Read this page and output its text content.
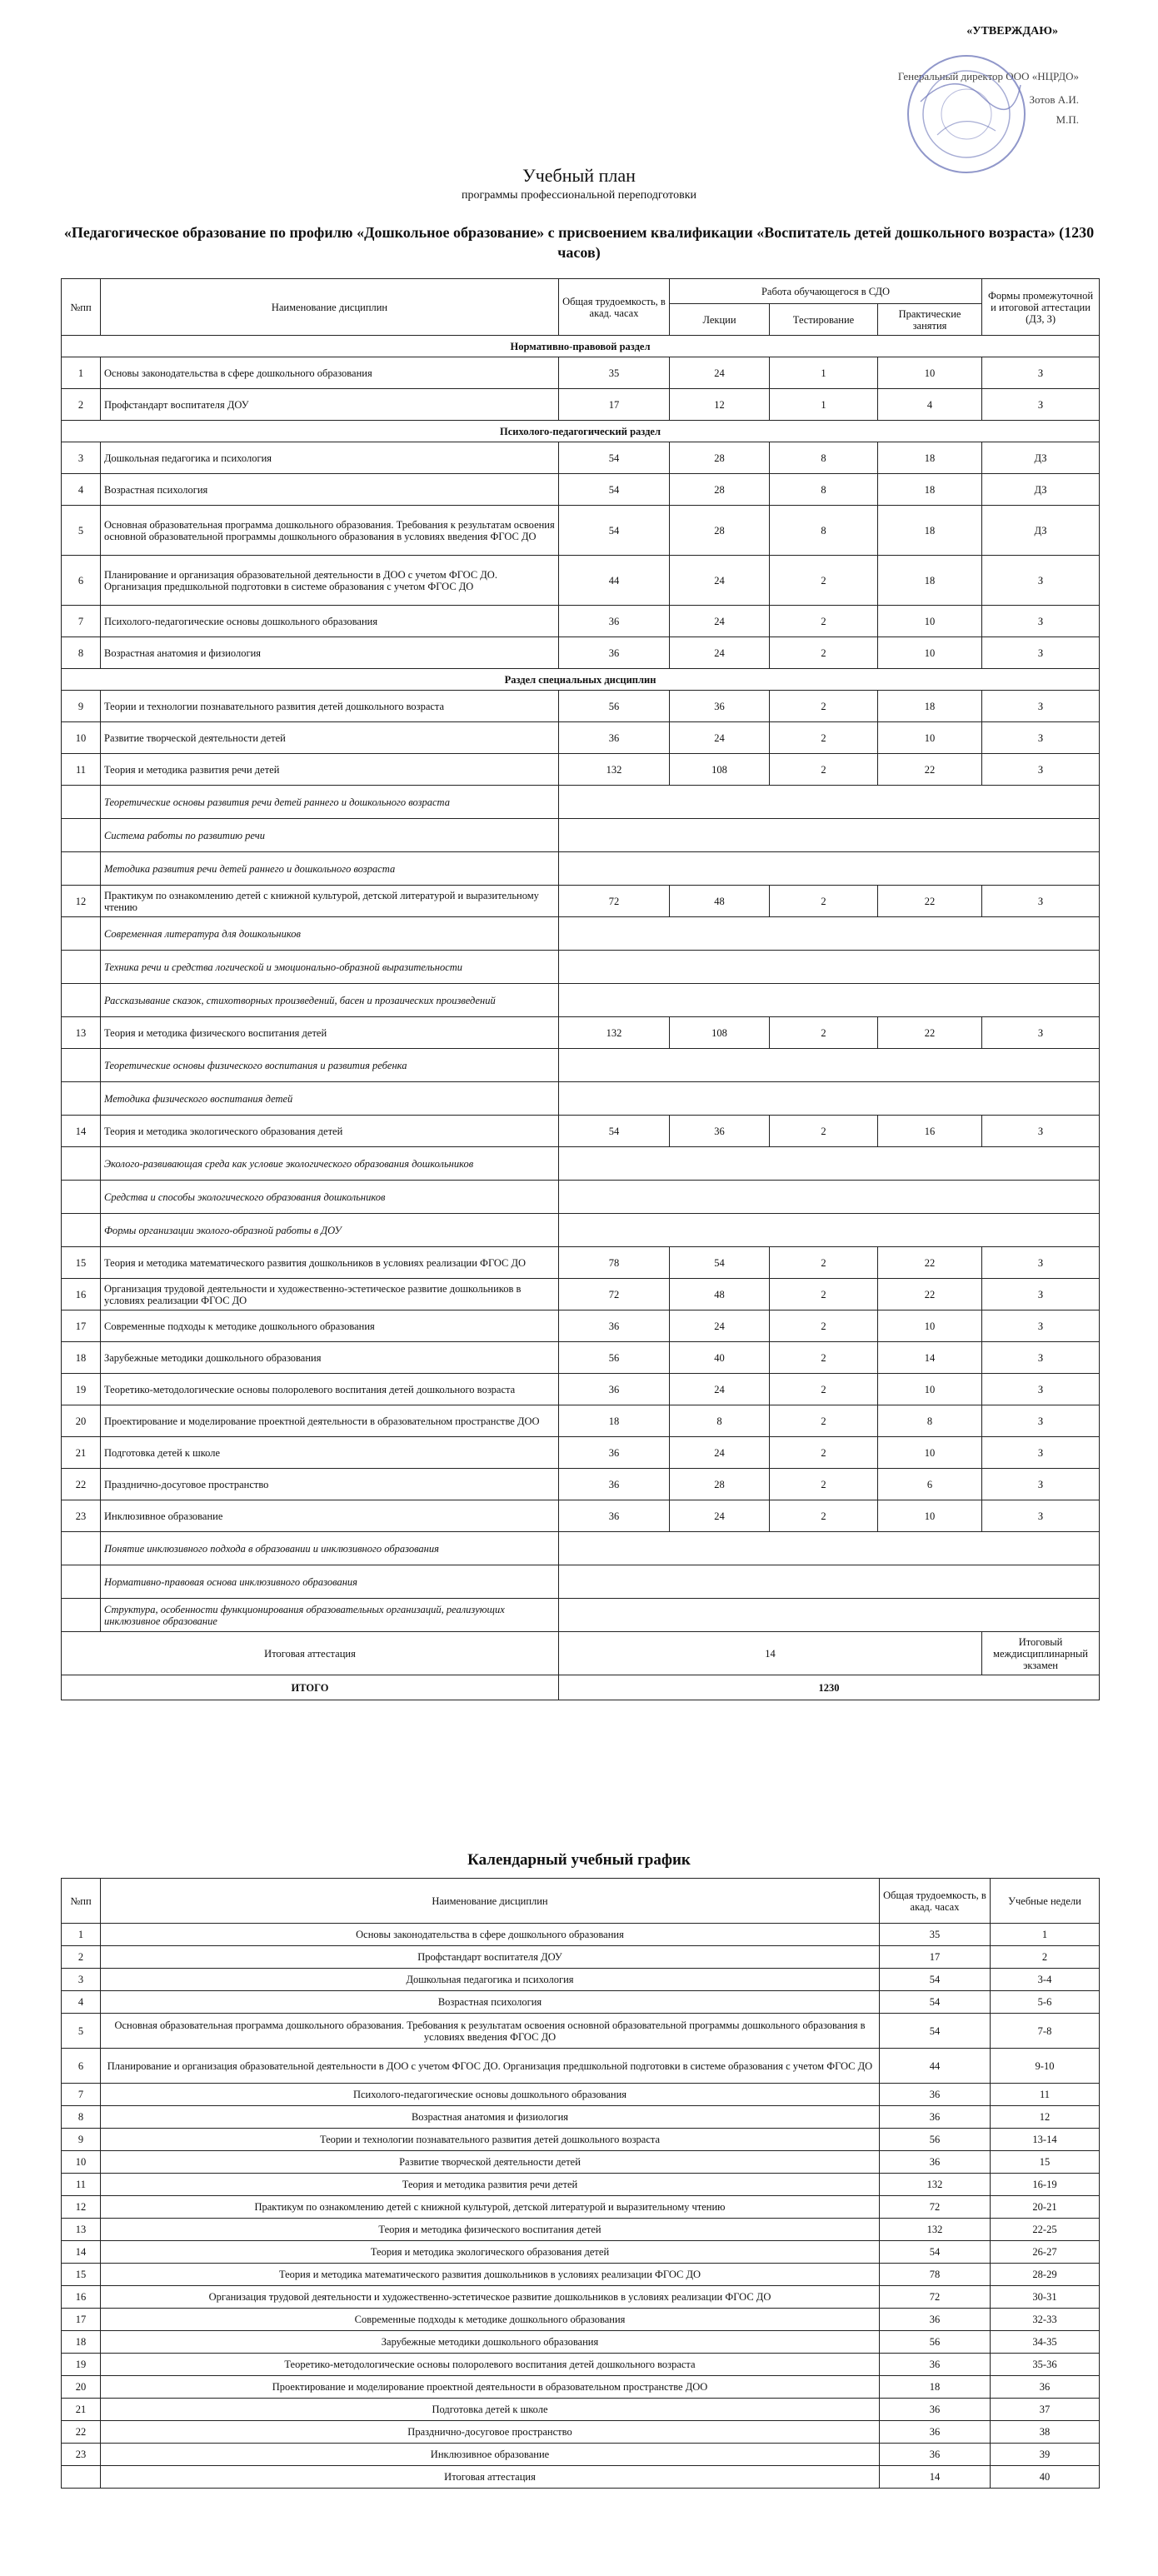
«УТВЕРЖДАЮ»
Генеральный директор ООО «НЦРДО»
Зотов А.И.
М.П.
Учебный план
программы профессиональной переподготовки
«Педагогическое образование по профилю «Дошкольное образование» с присвоением квалификации «Воспитатель детей дошкольного возраста» (1230 часов)
№пп	Наименование дисциплин	Общая трудоемкость, в акад. часах	Работа обучающегося в СДО			Формы промежуточной и итоговой аттестации (ДЗ, З)
			Лекции	Тестирование	Практические занятия	
Нормативно-правовой раздел						
1	Основы законодательства в сфере дошкольного образования	35	24	1	10	З
2	Профстандарт воспитателя ДОУ	17	12	1	4	З
Психолого-педагогический раздел						
3	Дошкольная педагогика и психология	54	28	8	18	ДЗ
4	Возрастная психология	54	28	8	18	ДЗ
5	Основная образовательная программа дошкольного образования. Требования к результатам освоения основной образовательной программы дошкольного образования в условиях введения ФГОС ДО	54	28	8	18	ДЗ
6	Планирование и организация образовательной деятельности в ДОО с учетом ФГОС ДО. Организация предшкольной подготовки в системе образования с учетом ФГОС ДО	44	24	2	18	З
7	Психолого-педагогические основы дошкольного образования	36	24	2	10	З
8	Возрастная анатомия и физиология	36	24	2	10	З
Раздел специальных дисциплин						
9	Теории и технологии познавательного развития детей дошкольного возраста	56	36	2	18	З
10	Развитие творческой деятельности детей	36	24	2	10	З
11	Теория и методика развития речи детей	132	108	2	22	З
	Теоретические основы развития речи детей раннего и дошкольного возраста					
	Система работы по развитию речи					
	Методика развития речи детей раннего и дошкольного возраста					
12	Практикум по ознакомлению детей с книжной культурой, детской литературой и выразительному чтению	72	48	2	22	З
	Современная литература для дошкольников					
	Техника речи и средства логической и эмоционально-образной выразительности					
	Рассказывание сказок, стихотворных произведений, басен и прозаических произведений					
13	Теория и методика физического воспитания детей	132	108	2	22	З
	Теоретические основы физического воспитания и развития ребенка					
	Методика физического воспитания детей					
14	Теория и методика экологического образования детей	54	36	2	16	З
	Эколого-развивающая среда как условие экологического образования дошкольников					
	Средства и способы экологического образования дошкольников					
	Формы организации эколого-образной работы в ДОУ					
15	Теория и методика математического развития дошкольников в условиях реализации ФГОС ДО	78	54	2	22	З
16	Организация трудовой деятельности и художественно-эстетическое развитие дошкольников в условиях реализации ФГОС ДО	72	48	2	22	З
17	Современные подходы к методике дошкольного образования	36	24	2	10	З
18	Зарубежные методики дошкольного образования	56	40	2	14	З
19	Теоретико-методологические основы полоролевого воспитания детей дошкольного возраста	36	24	2	10	З
20	Проектирование и моделирование проектной деятельности в образовательном пространстве ДОО	18	8	2	8	З
21	Подготовка детей к школе	36	24	2	10	З
22	Праздничнo-досуговое пространство	36	28	2	6	З
23	Инклюзивное образование	36	24	2	10	З
	Понятие инклюзивного подхода в образовании и инклюзивного образования					
	Нормативно-правовая основа инклюзивного образования					
	Структура, особенности функционирования образовательных организаций, реализующих инклюзивное образование					
Итоговая аттестация		14				Итоговый междисциплинарный экзамен
ИТОГО		1230				
Календарный учебный график
№пп	Наименование дисциплин	Общая трудоемкость, в акад. часах	Учебные недели
1	Основы законодательства в сфере дошкольного образования	35	1
2	Профстандарт воспитателя ДОУ	17	2
3	Дошкольная педагогика и психология	54	3-4
4	Возрастная психология	54	5-6
5	Основная образовательная программа дошкольного образования. Требования к результатам освоения основной образовательной программы дошкольного образования в условиях введения ФГОС ДО	54	7-8
6	Планирование и организация образовательной деятельности в ДОО с учетом ФГОС ДО. Организация предшкольной подготовки в системе образования с учетом ФГОС ДО	44	9-10
7	Психолого-педагогические основы дошкольного образования	36	11
8	Возрастная анатомия и физиология	36	12
9	Теории и технологии познавательного развития детей дошкольного возраста	56	13-14
10	Развитие творческой деятельности детей	36	15
11	Теория и методика развития речи детей	132	16-19
12	Практикум по ознакомлению детей с книжной культурой, детской литературой и выразительному чтению	72	20-21
13	Теория и методика физического воспитания детей	132	22-25
14	Теория и методика экологического образования детей	54	26-27
15	Теория и методика математического развития дошкольников в условиях реализации ФГОС ДО	78	28-29
16	Организация трудовой деятельности и художественно-эстетическое развитие дошкольников в условиях реализации ФГОС ДО	72	30-31
17	Современные подходы к методике дошкольного образования	36	32-33
18	Зарубежные методики дошкольного образования	56	34-35
19	Теоретико-методологические основы полоролевого воспитания детей дошкольного возраста	36	35-36
20	Проектирование и моделирование проектной деятельности в образовательном пространстве ДОО	18	36
21	Подготовка детей к школе	36	37
22	Праздничнo-досуговое пространство	36	38
23	Инклюзивное образование	36	39
	Итоговая аттестация	14	40
